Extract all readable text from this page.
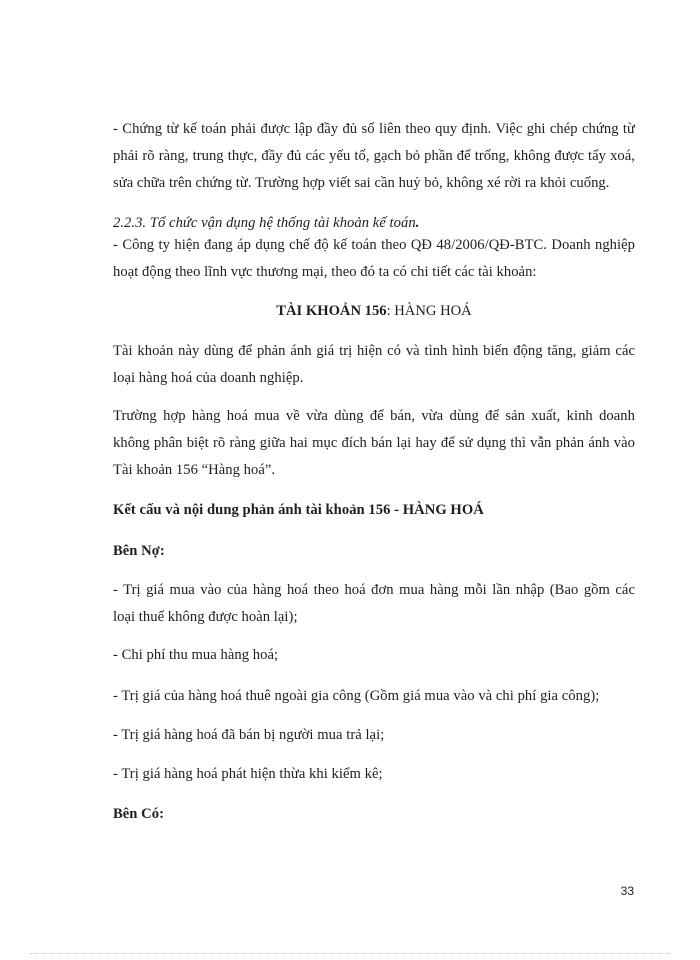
- Chứng từ kế toán phải được lập đầy đủ số liên theo quy định. Việc ghi chép chứng từ
phải rõ ràng, trung thực, đầy đủ các yếu tố, gạch bỏ phần để trống, không được tẩy xoá,
sửa chữa trên chứng từ. Trường hợp viết sai cần huỷ bỏ, không xé rời ra khỏi cuống.
2.2.3. Tổ chức vận dụng hệ thống tài khoản kế toán.
- Công ty hiện đang áp dụng chế độ kế toán theo QĐ 48/2006/QĐ-BTC. Doanh nghiệp
hoạt động theo lĩnh vực thương mại, theo đó ta có chi tiết các tài khoản:
TÀI KHOẢN 156: HÀNG HOÁ
Tài khoản này dùng để phản ánh giá trị hiện có và tình hình biến động tăng, giảm các
loại hàng hoá của doanh nghiệp.
Trường hợp hàng hoá mua về vừa dùng để bán, vừa dùng để sản xuất, kinh doanh
không phân biệt rõ ràng giữa hai mục đích bán lại hay để sử dụng thì vẫn phản ánh vào
Tài khoản 156 “Hàng hoá”.
Kết cấu và nội dung phản ánh tài khoản 156 - HÀNG HOÁ
Bên Nợ:
- Trị giá mua vào của hàng hoá theo hoá đơn mua hàng mỗi lần nhập (Bao gồm các
loại thuế không được hoàn lại);
- Chi phí thu mua hàng hoá;
- Trị giá của hàng hoá thuê ngoài gia công (Gồm giá mua vào và chi phí gia công);
- Trị giá hàng hoá đã bán bị người mua trả lại;
- Trị giá hàng hoá phát hiện thừa khi kiểm kê;
Bên Có:
33
